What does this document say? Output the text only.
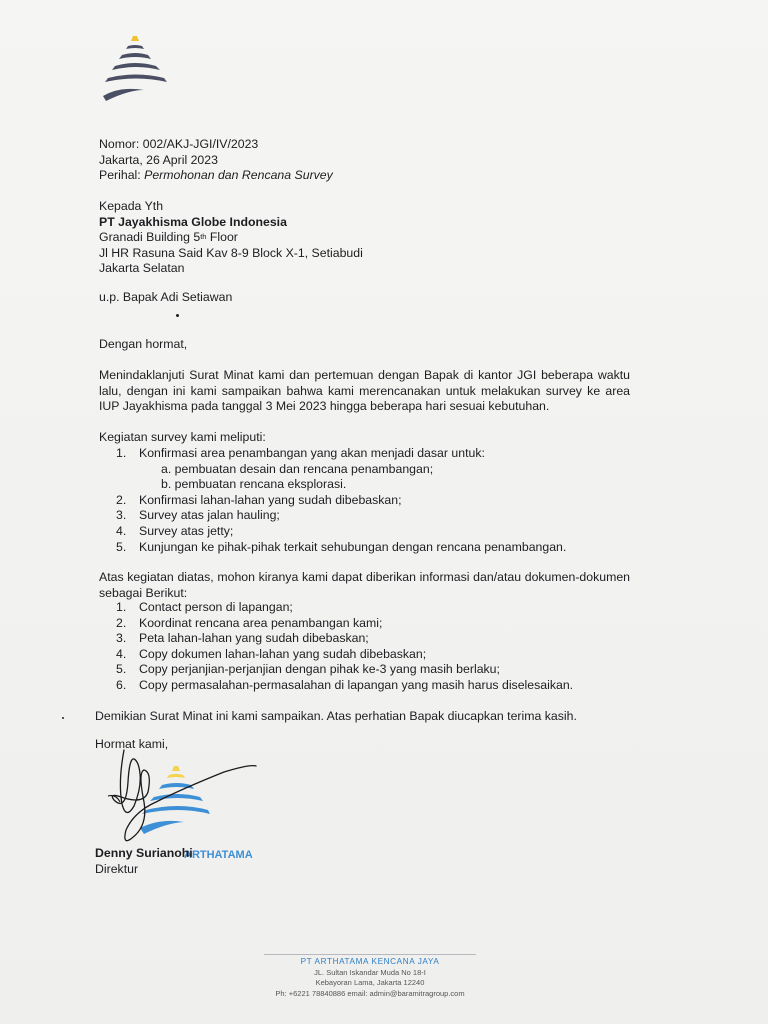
Nomor: 002/AKJ-JGI/IV/2023
Jakarta, 26 April 2023
Perihal: Permohonan dan Rencana Survey
Kepada Yth
PT Jayakhisma Globe Indonesia
Granadi Building 5th Floor
Jl HR Rasuna Said Kav 8-9 Block X-1, Setiabudi
Jakarta Selatan
u.p. Bapak Adi Setiawan
Dengan hormat,
Menindaklanjuti Surat Minat kami dan pertemuan dengan Bapak di kantor JGI beberapa waktu lalu, dengan ini kami sampaikan bahwa kami merencanakan untuk melakukan survey ke area IUP Jayakhisma pada tanggal 3 Mei 2023 hingga beberapa hari sesuai kebutuhan.
Kegiatan survey kami meliputi:
1. Konfirmasi area penambangan yang akan menjadi dasar untuk:
a. pembuatan desain dan rencana penambangan;
b. pembuatan rencana eksplorasi.
2. Konfirmasi lahan-lahan yang sudah dibebaskan;
3. Survey atas jalan hauling;
4. Survey atas jetty;
5. Kunjungan ke pihak-pihak terkait sehubungan dengan rencana penambangan.
Atas kegiatan diatas, mohon kiranya kami dapat diberikan informasi dan/atau dokumen-dokumen sebagai Berikut:
1. Contact person di lapangan;
2. Koordinat rencana area penambangan kami;
3. Peta lahan-lahan yang sudah dibebaskan;
4. Copy dokumen lahan-lahan yang sudah dibebaskan;
5. Copy perjanjian-perjanjian dengan pihak ke-3 yang masih berlaku;
6. Copy permasalahan-permasalahan di lapangan yang masih harus diselesaikan.
Demikian Surat Minat ini kami sampaikan. Atas perhatian Bapak diucapkan terima kasih.
Hormat kami,
ARTHATAMA
Denny Surianohi
Direktur
PT ARTHATAMA KENCANA JAYA
JL. Sultan Iskandar Muda No 18-I
Kebayoran Lama, Jakarta 12240
Ph: +6221 78840886 email: admin@baramitragroup.com
